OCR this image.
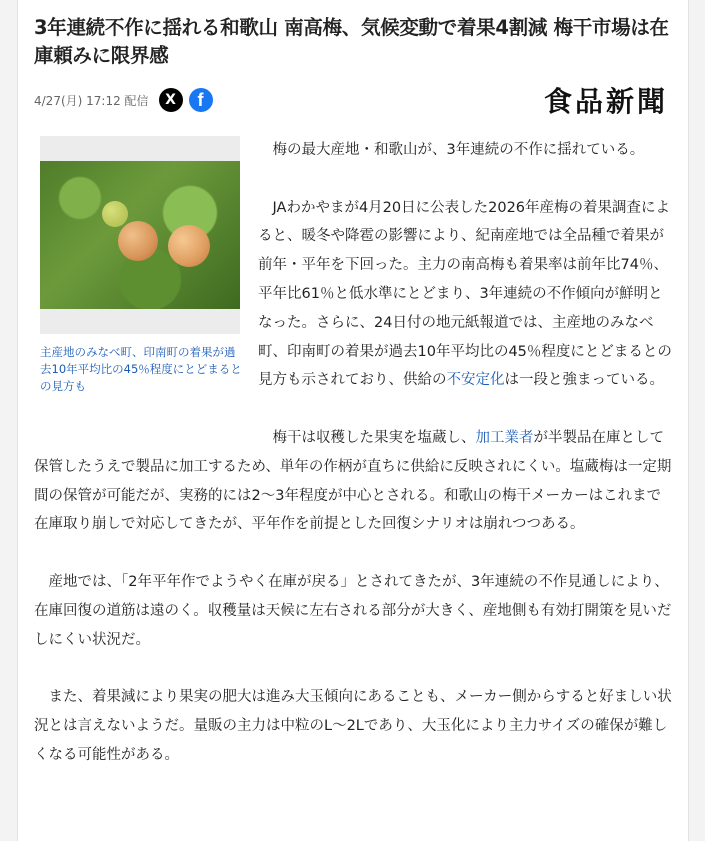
3年連続不作に揺れる和歌山 南高梅、気候変動で着果4割減 梅干市場は在庫頼みに限界感
4/27(月) 17:12 配信	X	f	食品新聞

主産地のみなべ町、印南町の着果が過去10年平均比の45％程度にとどまるとの見方も

梅の最大産地・和歌山が、3年連続の不作に揺れている。

JAわかやまが4月20日に公表した2026年産梅の着果調査によると、暖冬や降雹の影響により、紀南産地では全品種で着果が前年・平年を下回った。主力の南高梅も着果率は前年比74％、平年比61％と低水準にとどまり、3年連続の不作傾向が鮮明となった。さらに、24日付の地元紙報道では、主産地のみなべ町、印南町の着果が過去10年平均比の45％程度にとどまるとの見方も示されており、供給の不安定化は一段と強まっている。

梅干は収穫した果実を塩蔵し、加工業者が半製品在庫として保管したうえで製品に加工するため、単年の作柄が直ちに供給に反映されにくい。塩蔵梅は一定期間の保管が可能だが、実務的には2～3年程度が中心とされる。和歌山の梅干メーカーはこれまで在庫取り崩しで対応してきたが、平年作を前提とした回復シナリオは崩れつつある。

産地では、「2年平年作でようやく在庫が戻る」とされてきたが、3年連続の不作見通しにより、在庫回復の道筋は遠のく。収穫量は天候に左右される部分が大きく、産地側も有効打開策を見いだしにくい状況だ。

また、着果減により果実の肥大は進み大玉傾向にあることも、メーカー側からすると好ましい状況とは言えないようだ。量販の主力は中粒のL～2Lであり、大玉化により主力サイズの確保が難しくなる可能性がある。
